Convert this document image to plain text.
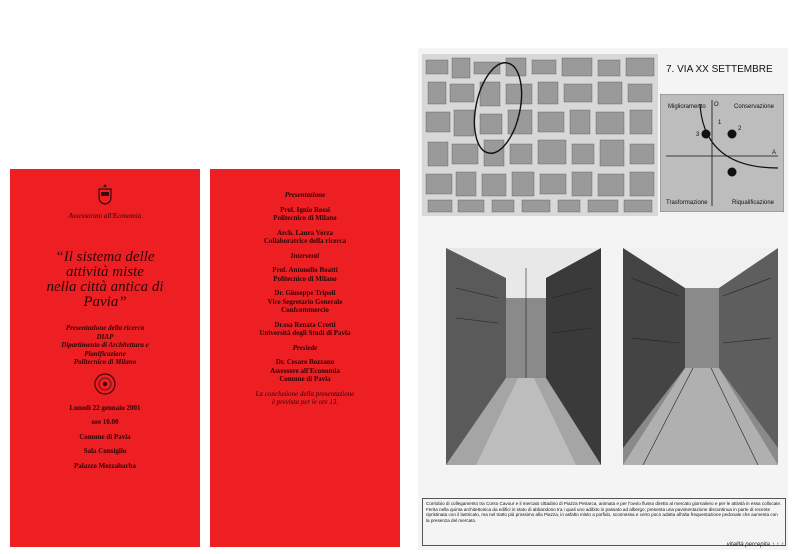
Assessorato all'Economia
“Il sistema delle
attività miste
nella città antica di
Pavia”
Presentazione della ricerca
DIAP
Dipartimento di Architettura e
Pianificazione
Politecnico di Milano
Lunedì 22 gennaio 2001
ore 10.00
Comune di Pavia
Sala Consiglio
Palazzo Mezzabarba
Presentazione
Prof. Ignio Rossi
Politecnico di Milano
Arch. Laura Verza
Collaboratrice della ricerca
Interventi
Prof. Antonello Boatti
Politecnico di Milano
Dr. Giuseppe Tripoli
Vice Segretario Generale
Confcommercio
Dr.ssa Renata Crotti
Università degli Studi di Pavia
Presiede
Dr. Cesare Bozzano
Assessore all'Economia
Comune di Pavia
La conclusione della presentazione
è prevista per le ore 13.
7. VIA XX SETTEMBRE
Miglioramento	Conservazione
Trasformazione	Riqualificazione
3
2
1
A
O
Corridoio di collegamento tra Corso Cavour e il mercato cittadino di Piazza Petrarca, animata e per l'ovvio flusso diretto al mercato giornaliero e per le attività in essa collocate. Ferita nella quinta architettonica da edifici in stato di abbandono tra i quali uno adibito in passato ad albergo; presenta una pavimentazione discontinua in parte di recente ripristinata con il lastricato, ma nel tratto più prossimo alla Piazza, in asfalto misto a porfido, sconnessa e certo poco adatta all'alta frequentazione pedonale che aumenta con la presenza del mercato.
vitalità percepita ↑ ↑ ↑
